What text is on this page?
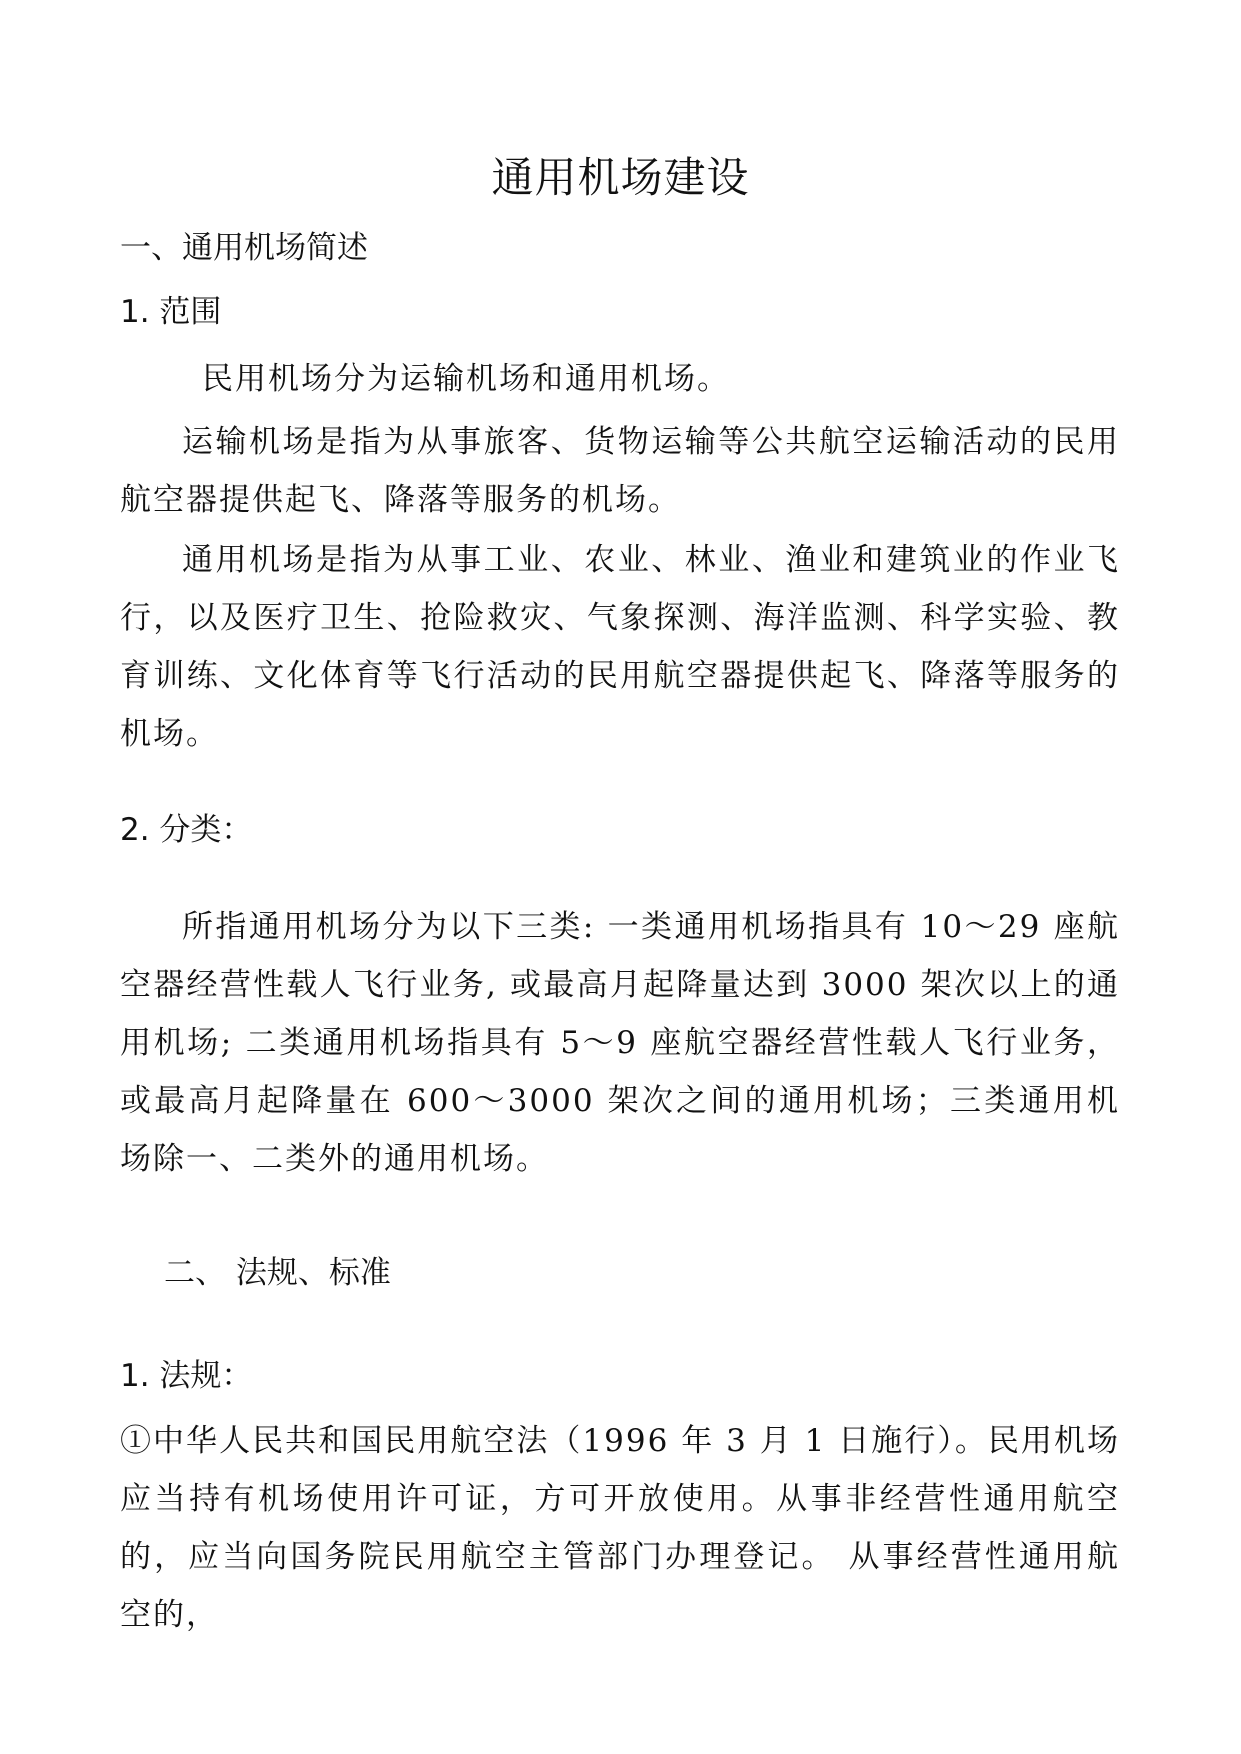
通用机场建设
一、通用机场简述
1. 范围
民用机场分为运输机场和通用机场。
运输机场是指为从事旅客、货物运输等公共航空运输活动的民用航空器提供起飞、降落等服务的机场。
通用机场是指为从事工业、农业、林业、渔业和建筑业的作业飞行，以及医疗卫生、抢险救灾、气象探测、海洋监测、科学实验、教育训练、文化体育等飞行活动的民用航空器提供起飞、降落等服务的机场。
2. 分类：
所指通用机场分为以下三类: 一类通用机场指具有 10～29 座航空器经营性载人飞行业务, 或最高月起降量达到 3000 架次以上的通用机场; 二类通用机场指具有 5～9 座航空器经营性载人飞行业务，或最高月起降量在 600～3000 架次之间的通用机场；三类通用机场除一、二类外的通用机场。
二、 法规、标准
1. 法规：
①中华人民共和国民用航空法（1996 年 3 月 1 日施行）。民用机场应当持有机场使用许可证，方可开放使用。从事非经营性通用航空的，应当向国务院民用航空主管部门办理登记。 从事经营性通用航空的，
